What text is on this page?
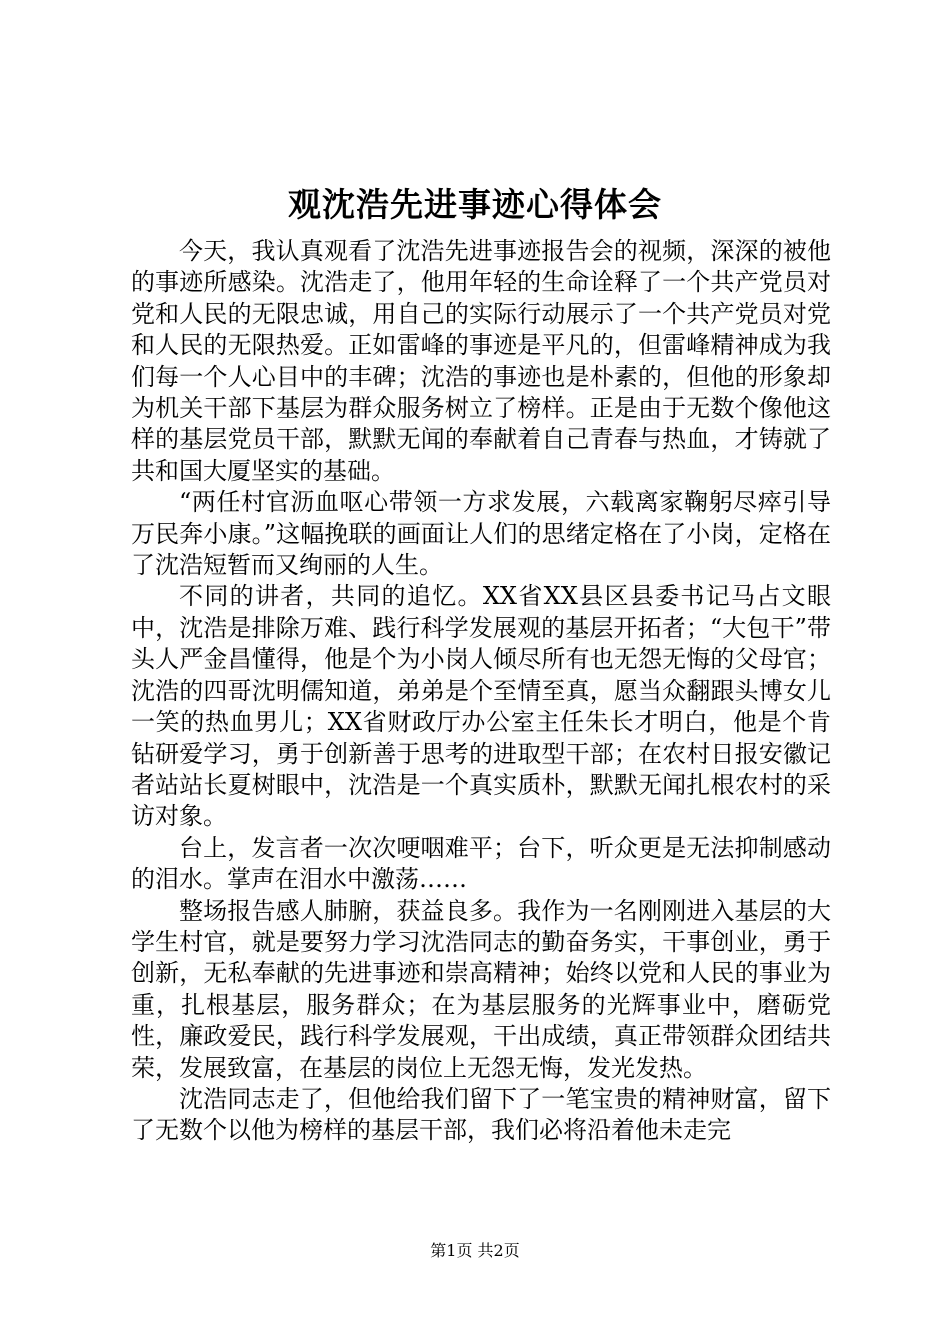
观沈浩先进事迹心得体会

今天，我认真观看了沈浩先进事迹报告会的视频，深深的被他的事迹所感染。沈浩走了，他用年轻的生命诠释了一个共产党员对党和人民的无限忠诚，用自己的实际行动展示了一个共产党员对党和人民的无限热爱。正如雷峰的事迹是平凡的，但雷峰精神成为我们每一个人心目中的丰碑；沈浩的事迹也是朴素的，但他的形象却为机关干部下基层为群众服务树立了榜样。正是由于无数个像他这样的基层党员干部，默默无闻的奉献着自己青春与热血，才铸就了共和国大厦坚实的基础。

“两任村官沥血呕心带领一方求发展，六载离家鞠躬尽瘁引导万民奔小康。”这幅挽联的画面让人们的思绪定格在了小岗，定格在了沈浩短暂而又绚丽的人生。

不同的讲者，共同的追忆。XX省XX县区县委书记马占文眼中，沈浩是排除万难、践行科学发展观的基层开拓者；“大包干”带头人严金昌懂得，他是个为小岗人倾尽所有也无怨无悔的父母官；沈浩的四哥沈明儒知道，弟弟是个至情至真，愿当众翻跟头博女儿一笑的热血男儿；XX省财政厅办公室主任朱长才明白，他是个肯钻研爱学习，勇于创新善于思考的进取型干部；在农村日报安徽记者站站长夏树眼中，沈浩是一个真实质朴，默默无闻扎根农村的采访对象。

台上，发言者一次次哽咽难平；台下，听众更是无法抑制感动的泪水。掌声在泪水中激荡……

整场报告感人肺腑，获益良多。我作为一名刚刚进入基层的大学生村官，就是要努力学习沈浩同志的勤奋务实，干事创业，勇于创新，无私奉献的先进事迹和崇高精神；始终以党和人民的事业为重，扎根基层，服务群众；在为基层服务的光辉事业中，磨砺党性，廉政爱民，践行科学发展观，干出成绩，真正带领群众团结共荣，发展致富，在基层的岗位上无怨无悔，发光发热。

沈浩同志走了，但他给我们留下了一笔宝贵的精神财富，留下了无数个以他为榜样的基层干部，我们必将沿着他未走完

第1页 共2页
